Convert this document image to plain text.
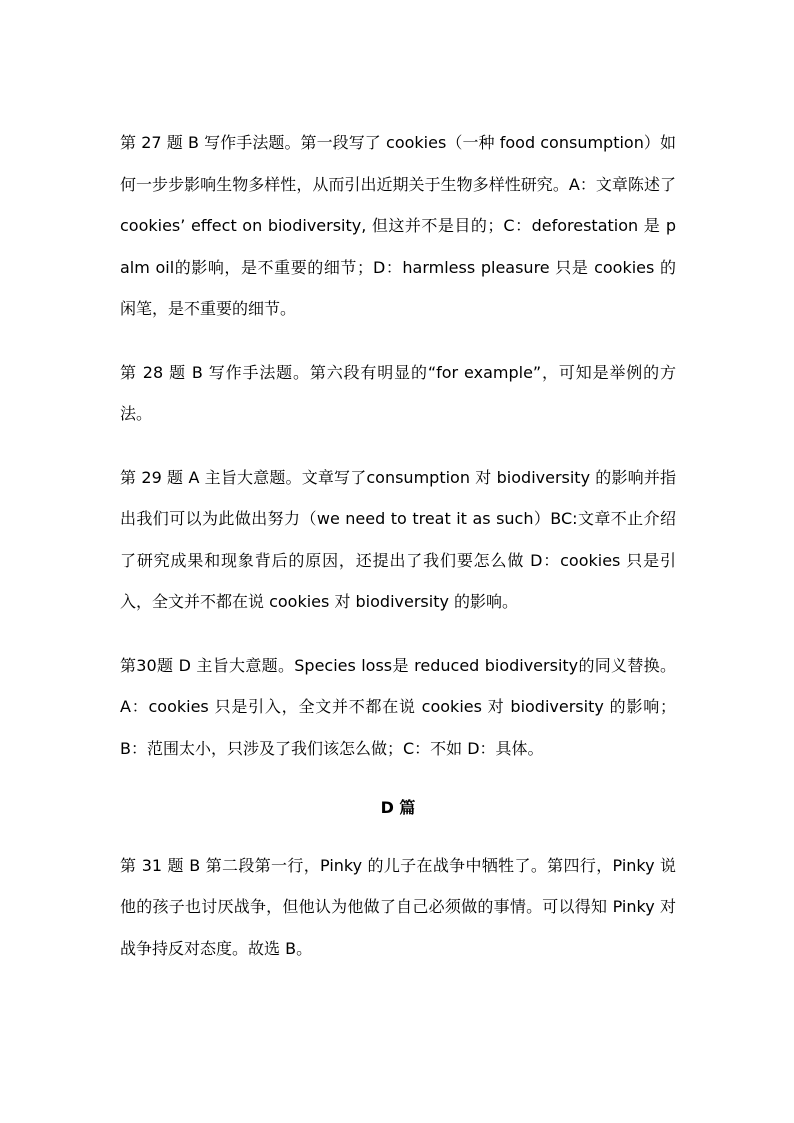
第 27 题 B 写作手法题。第一段写了 cookies（一种 food consumption）如何一步步影响生物多样性，从而引出近期关于生物多样性研究。A：文章陈述了 cookies’ effect on biodiversity, 但这并不是目的；C：deforestation 是 palm oil的影响，是不重要的细节；D：harmless pleasure 只是 cookies 的闲笔，是不重要的细节。

第 28 题 B 写作手法题。第六段有明显的“for example”，可知是举例的方法。

第 29 题 A 主旨大意题。文章写了consumption 对 biodiversity 的影响并指出我们可以为此做出努力（we need to treat it as such）BC:文章不止介绍了研究成果和现象背后的原因，还提出了我们要怎么做 D：cookies 只是引入，全文并不都在说 cookies 对 biodiversity 的影响。

第30题 D 主旨大意题。Species loss是 reduced biodiversity的同义替换。A：cookies 只是引入，全文并不都在说 cookies 对 biodiversity 的影响；B：范围太小，只涉及了我们该怎么做；C：不如 D：具体。

D 篇

第 31 题 B 第二段第一行，Pinky 的儿子在战争中牺牲了。第四行，Pinky 说他的孩子也讨厌战争，但他认为他做了自己必须做的事情。可以得知 Pinky 对战争持反对态度。故选 B。
